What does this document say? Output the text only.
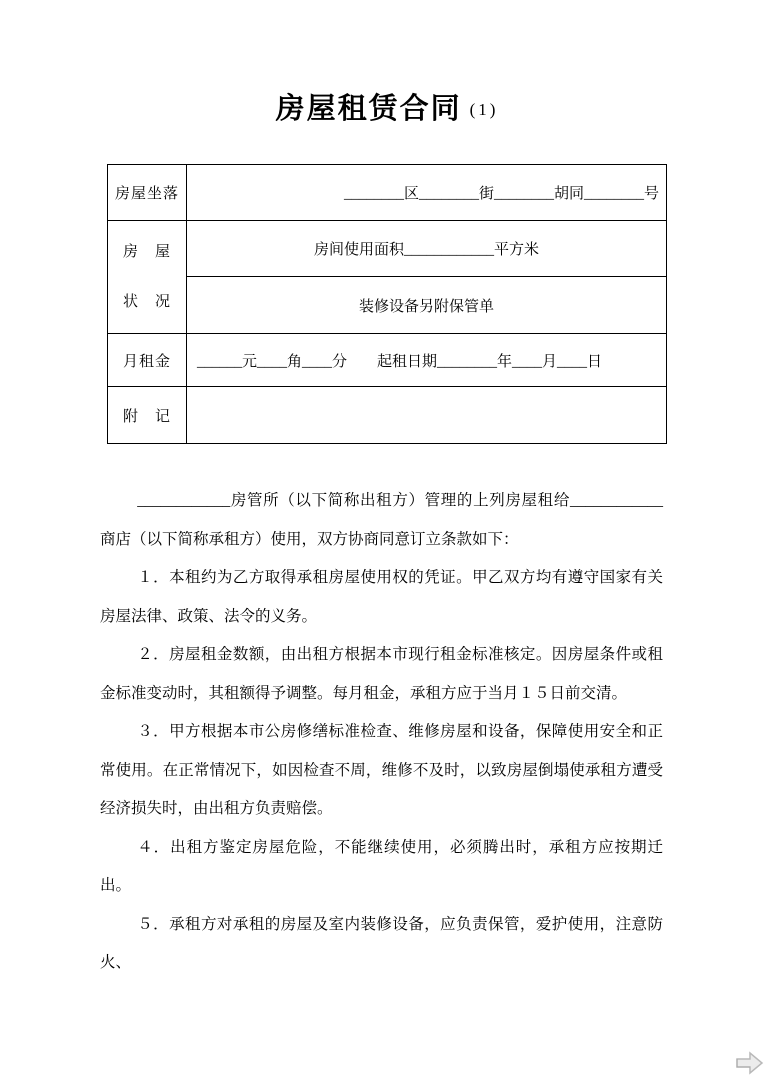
房屋租赁合同 (1)
房屋坐落	________区________街________胡同________号

房　屋
状　况	房间使用面积____________平方米
	装修设备另附保管单
月租金	______元____角____分　　起租日期________年____月____日
附　记	

____________房管所（以下简称出租方）管理的上列房屋租给____________商店（以下简称承租方）使用，双方协商同意订立条款如下：

１．本租约为乙方取得承租房屋使用权的凭证。甲乙双方均有遵守国家有关房屋法律、政策、法令的义务。

２．房屋租金数额，由出租方根据本市现行租金标准核定。因房屋条件或租金标准变动时，其租额得予调整。每月租金，承租方应于当月１５日前交清。

３．甲方根据本市公房修缮标准检查、维修房屋和设备，保障使用安全和正常使用。在正常情况下，如因检查不周，维修不及时，以致房屋倒塌使承租方遭受经济损失时，由出租方负责赔偿。

４．出租方鉴定房屋危险，不能继续使用，必须腾出时，承租方应按期迁出。

５．承租方对承租的房屋及室内装修设备，应负责保管，爱护使用，注意防火、
